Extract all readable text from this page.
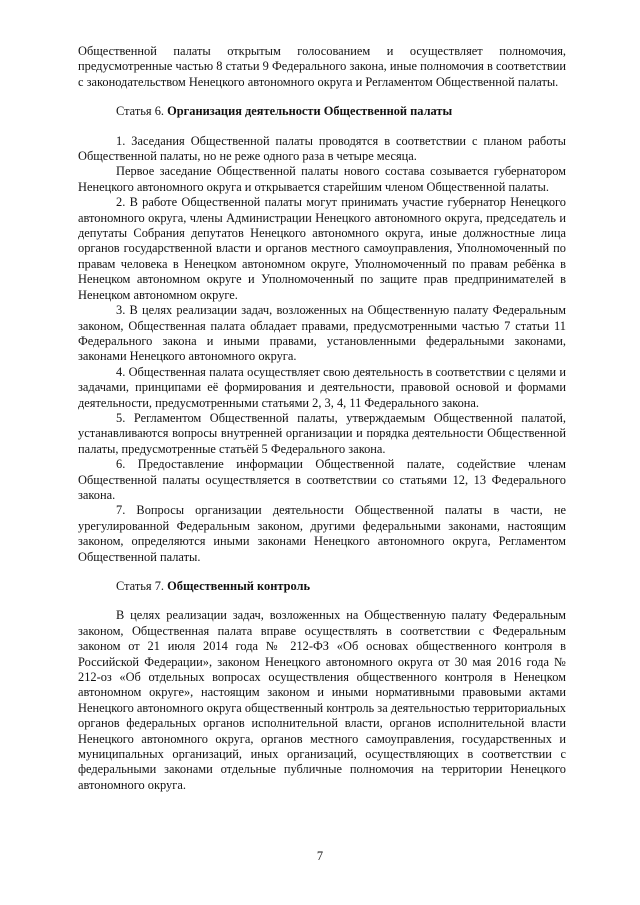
Общественной палаты открытым голосованием и осуществляет полномочия, предусмотренные частью 8 статьи 9 Федерального закона, иные полномочия в соответствии с законодательством Ненецкого автономного округа и Регламентом Общественной палаты.

Статья 6. Организация деятельности Общественной палаты

1. Заседания Общественной палаты проводятся в соответствии с планом работы Общественной палаты, но не реже одного раза в четыре месяца.

Первое заседание Общественной палаты нового состава созывается губернатором Ненецкого автономного округа и открывается старейшим членом Общественной палаты.

2. В работе Общественной палаты могут принимать участие губернатор Ненецкого автономного округа, члены Администрации Ненецкого автономного округа, председатель и депутаты Собрания депутатов Ненецкого автономного округа, иные должностные лица органов государственной власти и органов местного самоуправления, Уполномоченный по правам человека в Ненецком автономном округе, Уполномоченный по правам ребёнка в Ненецком автономном округе и Уполномоченный по защите прав предпринимателей в Ненецком автономном округе.

3. В целях реализации задач, возложенных на Общественную палату Федеральным законом, Общественная палата обладает правами, предусмотренными частью 7 статьи 11 Федерального закона и иными правами, установленными федеральными законами, законами Ненецкого автономного округа.

4. Общественная палата осуществляет свою деятельность в соответствии с целями и задачами, принципами её формирования и деятельности, правовой основой и формами деятельности, предусмотренными статьями 2, 3, 4, 11 Федерального закона.

5. Регламентом Общественной палаты, утверждаемым Общественной палатой, устанавливаются вопросы внутренней организации и порядка деятельности Общественной палаты, предусмотренные статьёй 5 Федерального закона.

6. Предоставление информации Общественной палате, содействие членам Общественной палаты осуществляется в соответствии со статьями 12, 13 Федерального закона.

7. Вопросы организации деятельности Общественной палаты в части, не урегулированной Федеральным законом, другими федеральными законами, настоящим законом, определяются иными законами Ненецкого автономного округа, Регламентом Общественной палаты.

Статья 7. Общественный контроль

В целях реализации задач, возложенных на Общественную палату Федеральным законом, Общественная палата вправе осуществлять в соответствии с Федеральным законом от 21 июля 2014 года № 212-ФЗ «Об основах общественного контроля в Российской Федерации», законом Ненецкого автономного округа от 30 мая 2016 года № 212-оз «Об отдельных вопросах осуществления общественного контроля в Ненецком автономном округе», настоящим законом и иными нормативными правовыми актами Ненецкого автономного округа общественный контроль за деятельностью территориальных органов федеральных органов исполнительной власти, органов исполнительной власти Ненецкого автономного округа, органов местного самоуправления, государственных и муниципальных организаций, иных организаций, осуществляющих в соответствии с федеральными законами отдельные публичные полномочия на территории Ненецкого автономного округа.

7
